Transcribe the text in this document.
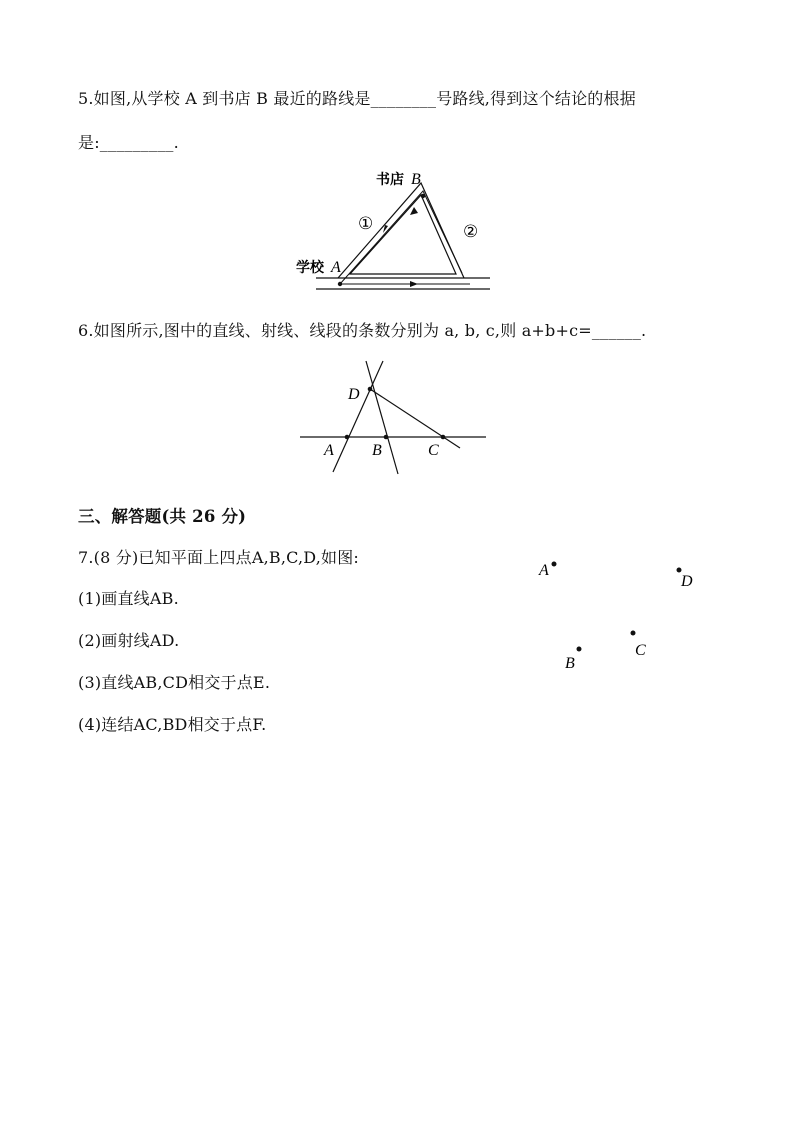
5.如图,从学校 A 到书店 B 最近的路线是________号路线,得到这个结论的根据
是:_________.
书店 B
学校 A
①	②
6.如图所示,图中的直线、射线、线段的条数分别为 a, b, c,则 a+b+c=______.
D
A B	C
三、解答题(共 26 分)
7.(8 分)已知平面上四点A,B,C,D,如图:
(1)画直线AB.
(2)画射线AD.
(3)直线AB,CD相交于点E.
(4)连结AC,BD相交于点F.
A
D
C
B
